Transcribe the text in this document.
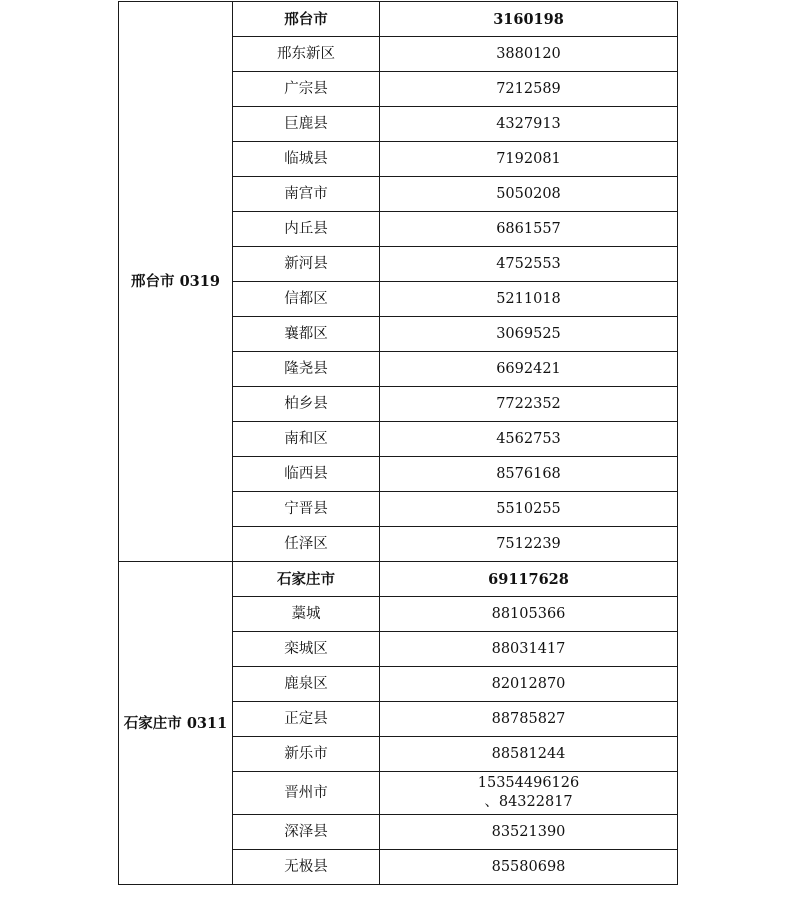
邢台市 0319	邢台市	3160198
	邢东新区	3880120
	广宗县	7212589
	巨鹿县	4327913
	临城县	7192081
	南宫市	5050208
	内丘县	6861557
	新河县	4752553
	信都区	5211018
	襄都区	3069525
	隆尧县	6692421
	柏乡县	7722352
	南和区	4562753
	临西县	8576168
	宁晋县	5510255
	任泽区	7512239
石家庄市 0311	石家庄市	69117628
	藁城	88105366
	栾城区	88031417
	鹿泉区	82012870
	正定县	88785827
	新乐市	88581244
	晋州市	15354496126
、84322817

	深泽县	83521390
	无极县	85580698
